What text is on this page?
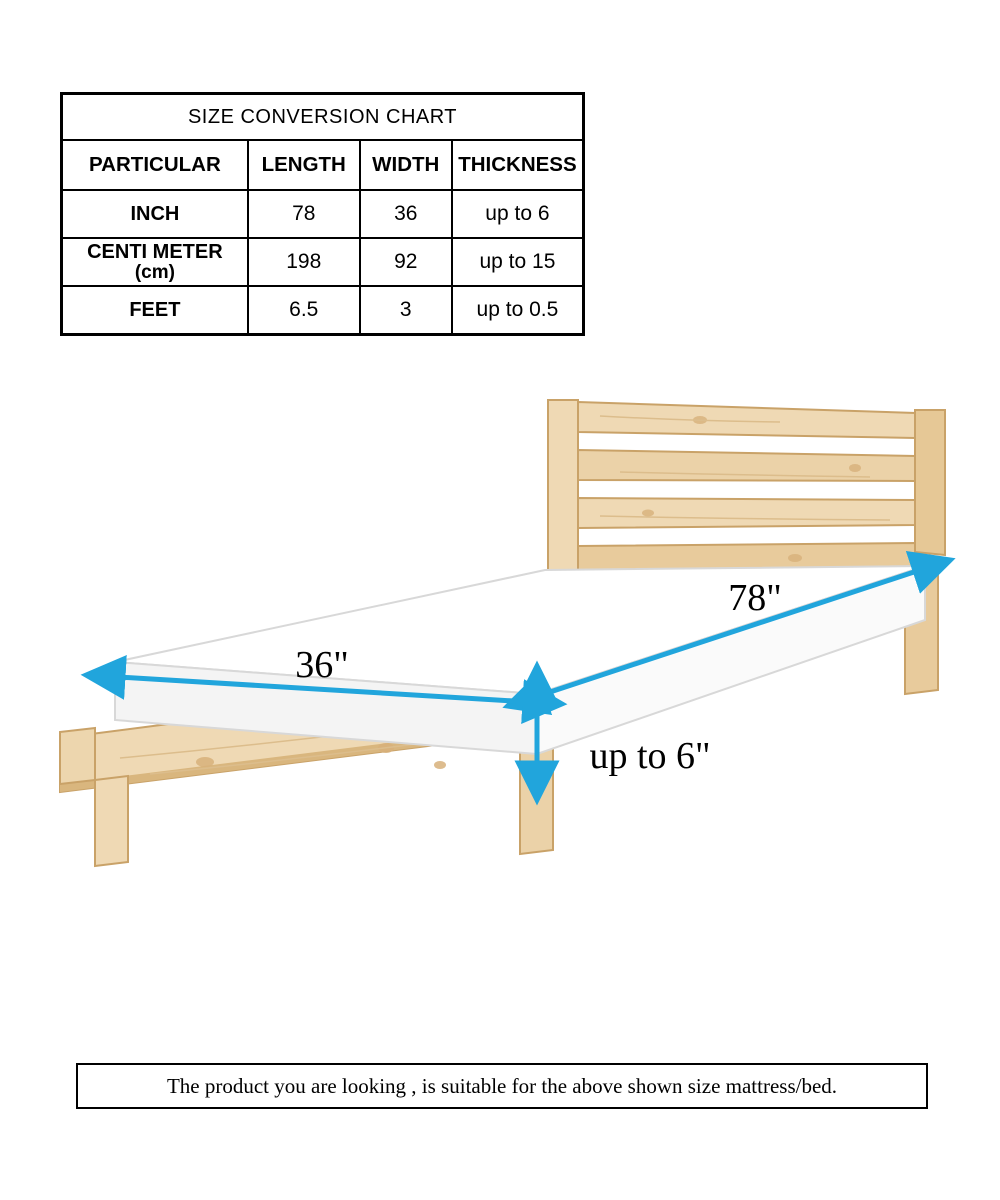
SIZE CONVERSION CHART			
PARTICULAR	LENGTH	WIDTH	THICKNESS
INCH	78	36	up to 6
CENTI METER
(cm)	198	92	up to 15
FEET	6.5	3	up to 0.5
78"
36"
up to 6"
The product you are looking , is suitable for the above shown size mattress/bed.
